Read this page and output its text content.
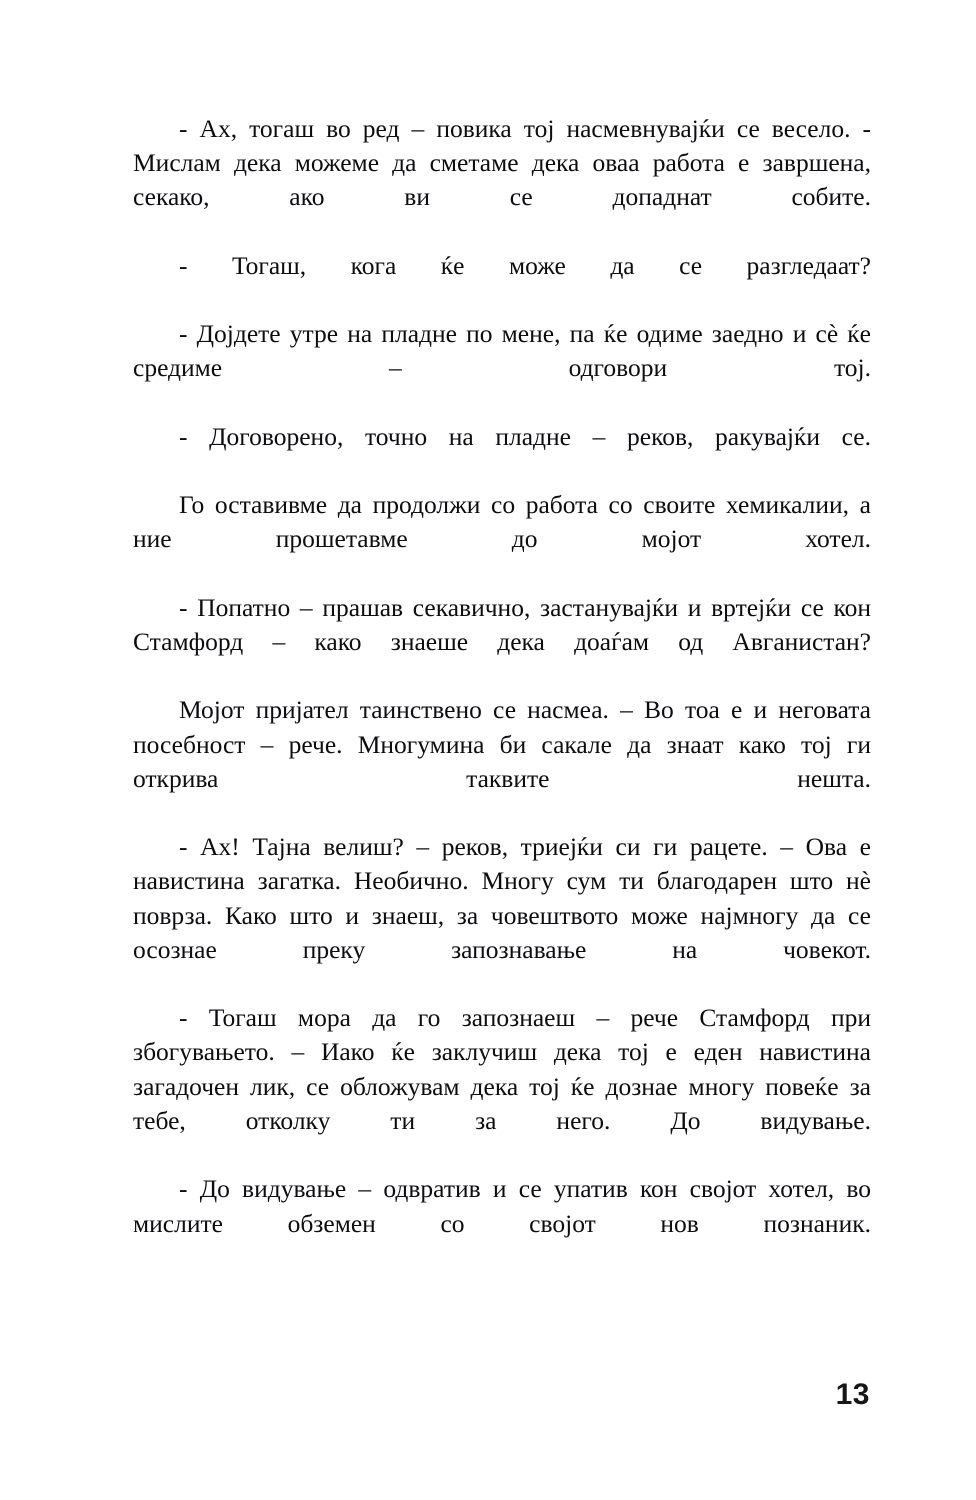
- Ах, тогаш во ред – повика тој насмевнувајќи се весело. - Мислам дека можеме да сметаме дека оваа работа е завршена, секако, ако ви се допаднат собите.

- Тогаш, кога ќе може да се разгледаат?

- Дојдете утре на пладне по мене, па ќе одиме заедно и сè ќе средиме – одговори тој.

- Договорено, точно на пладне – реков, ракувајќи се.

Го оставивме да продолжи со работа со своите хемикалии, а ние прошетавме до мојот хотел.

- Попатно – прашав секавично, застанувајќи и вртејќи се кон Стамфорд – како знаеше дека доаѓам од Авганистан?

Мојот пријател таинствено се насмеа. – Во тоа е и неговата посебност – рече. Многумина би сакале да знаат како тој ги открива таквите нешта.

- Ах! Тајна велиш? – реков, триејќи си ги рацете. – Ова е навистина загатка. Необично. Многу сум ти благодарен што нè поврза. Како што и знаеш, за човештвото може најмногу да се осознае преку запознавање на човекот.

- Тогаш мора да го запознаеш – рече Стамфорд при збогувањето. – Иако ќе заклучиш дека тој е еден навистина загадочен лик, се обложувам дека тој ќе дознае многу повеќе за тебе, отколку ти за него. До видување.

- До видување – одвратив и се упатив кон својот хотел, во мислите обземен со својот нов познаник.

13
